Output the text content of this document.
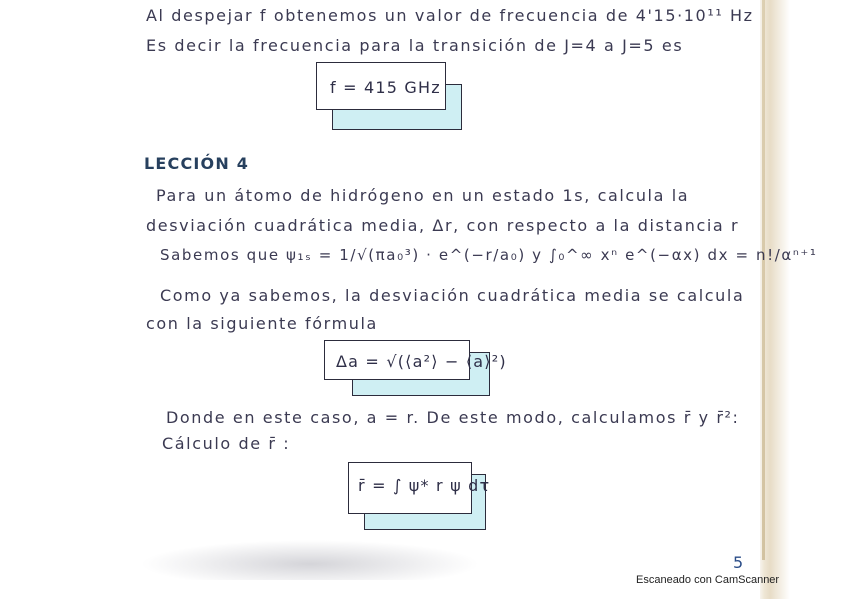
Al despejar f obtenemos un valor de frecuencia de 4'15·10¹¹ Hz
Es decir la frecuencia para la transición de J=4 a J=5 es
f = 415 GHz
LECCIÓN 4
Para un átomo de hidrógeno en un estado 1s, calcula la
desviación cuadrática media, Δr, con respecto a la distancia r
Sabemos que ψ₁ₛ = 1/√(πa₀³) · e^(−r/a₀) y ∫₀^∞ xⁿ e^(−αx) dx = n!/αⁿ⁺¹
Como ya sabemos, la desviación cuadrática media se calcula
con la siguiente fórmula
Δa = √(⟨a²⟩ − ⟨a⟩²)
Donde en este caso, a = r. De este modo, calculamos r̄ y r̄²:
Cálculo de r̄ :
r̄ = ∫ ψ* r ψ dτ
5
Escaneado con CamScanner
